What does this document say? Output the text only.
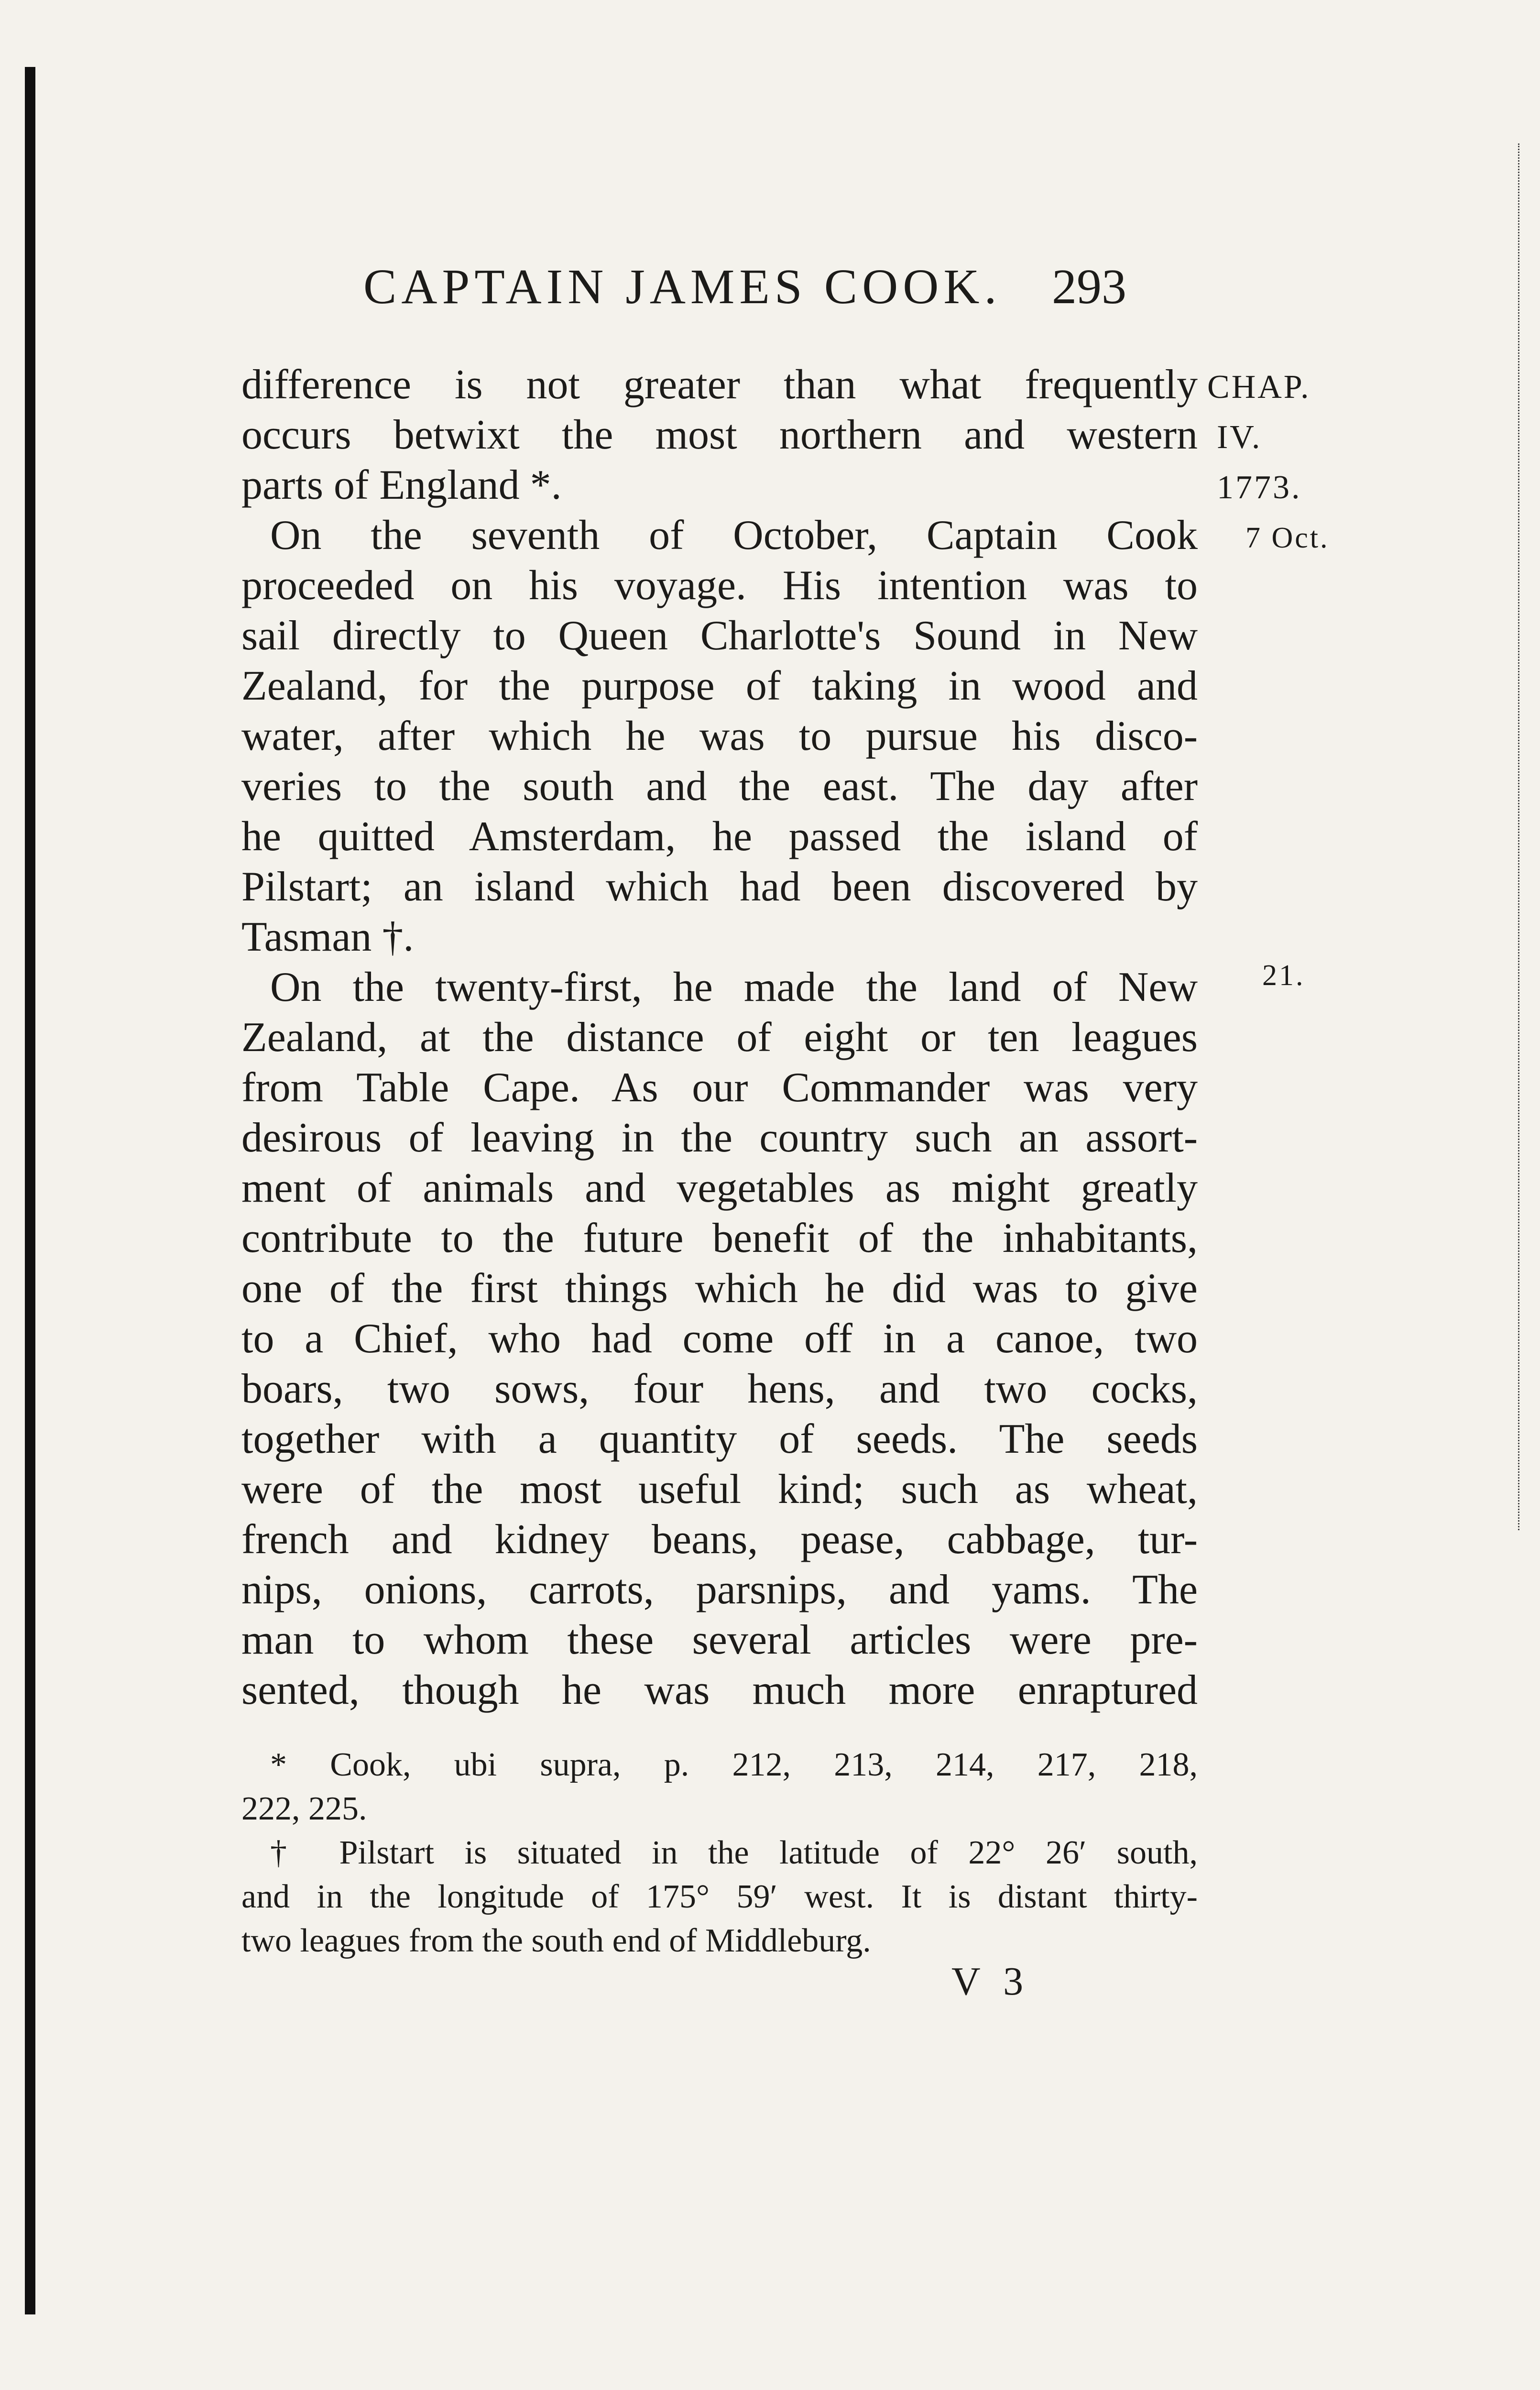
CAPTAIN JAMES COOK. 293
CHAP.
IV.
1773.
7 Oct.
21.

difference is not greater than what frequently

occurs betwixt the most northern and western

parts of England *.

On the seventh of October, Captain Cook

proceeded on his voyage. His intention was to

sail directly to Queen Charlotte's Sound in New

Zealand, for the purpose of taking in wood and

water, after which he was to pursue his disco-

veries to the south and the east. The day after

he quitted Amsterdam, he passed the island of

Pilstart; an island which had been discovered by

Tasman †.

On the twenty-first, he made the land of New

Zealand, at the distance of eight or ten leagues

from Table Cape. As our Commander was very

desirous of leaving in the country such an assort-

ment of animals and vegetables as might greatly

contribute to the future benefit of the inhabitants,

one of the first things which he did was to give

to a Chief, who had come off in a canoe, two

boars, two sows, four hens, and two cocks,

together with a quantity of seeds. The seeds

were of the most useful kind; such as wheat,

french and kidney beans, pease, cabbage, tur-

nips, onions, carrots, parsnips, and yams. The

man to whom these several articles were pre-

sented, though he was much more enraptured

* Cook, ubi supra, p. 212, 213, 214, 217, 218,

222, 225.

† Pilstart is situated in the latitude of 22° 26′ south,

and in the longitude of 175° 59′ west. It is distant thirty-

two leagues from the south end of Middleburg.

V 3
